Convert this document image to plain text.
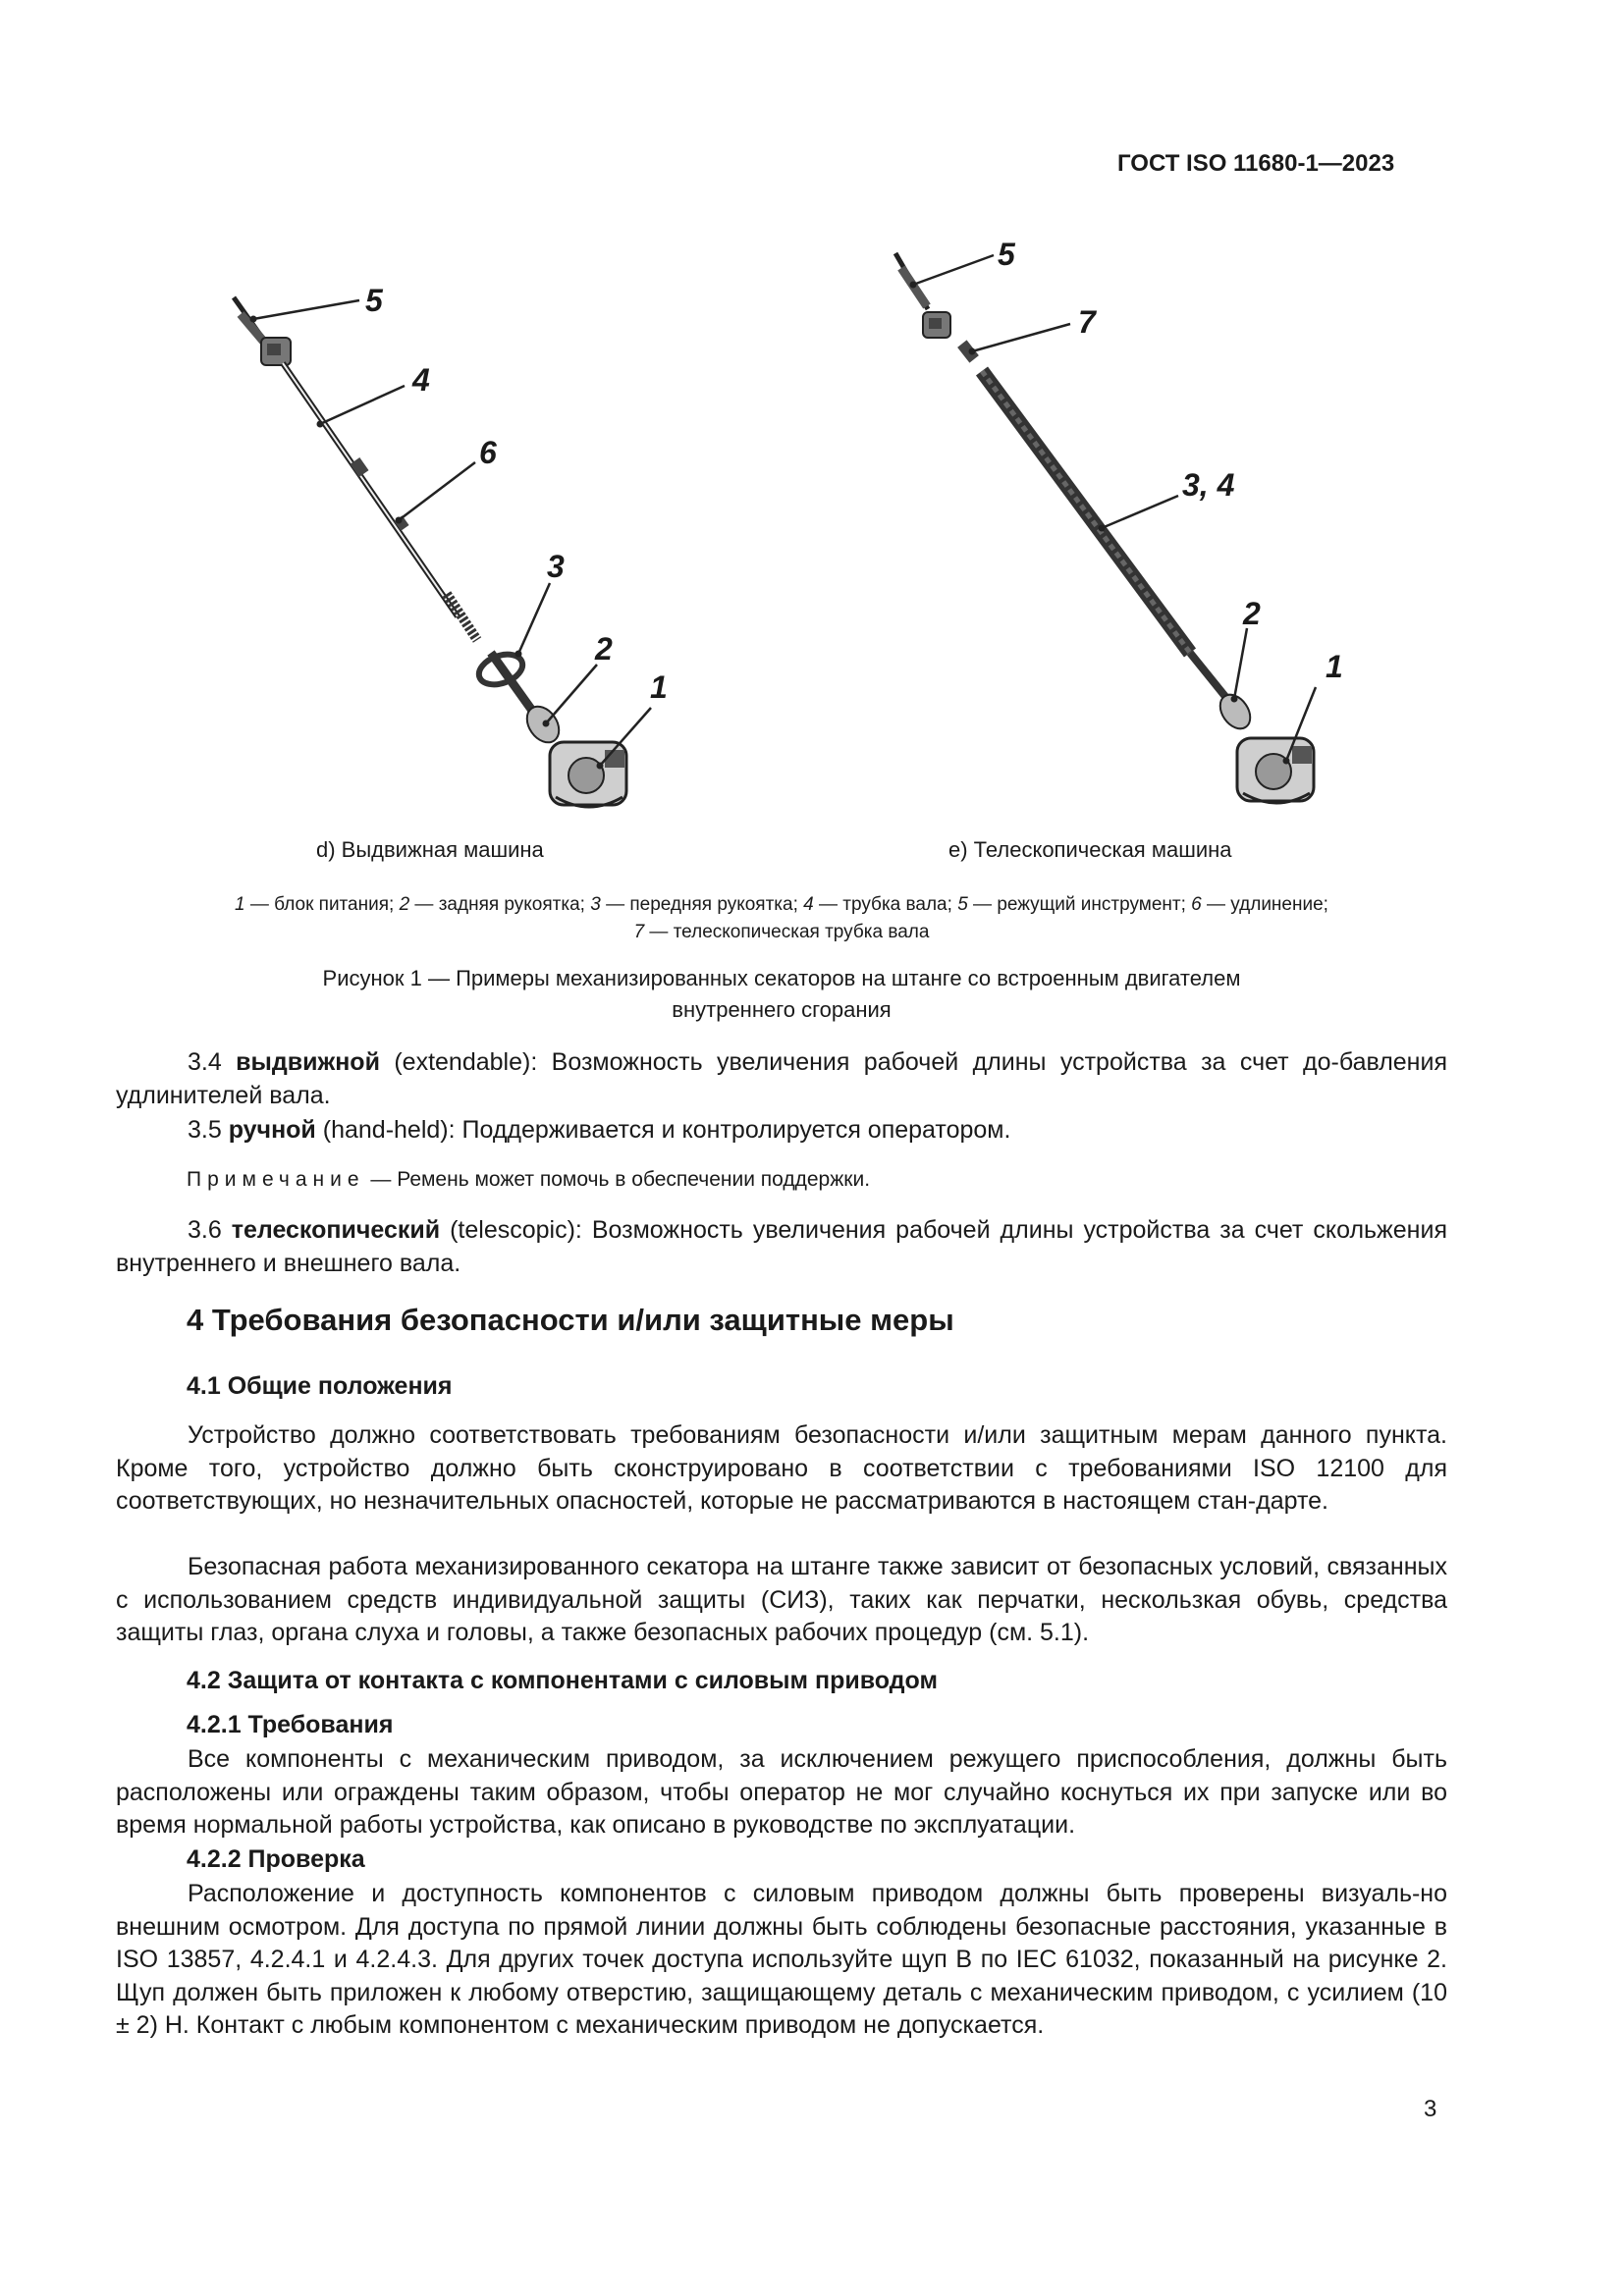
ГОСТ ISO 11680-1—2023
5
4
6
3
2
1
5
7
3, 4
2
1
d) Выдвижная машина	e) Телескопическая машина
1 — блок питания; 2 — задняя рукоятка; 3 — передняя рукоятка; 4 — трубка вала; 5 — режущий инструмент; 6 — удлинение;
7 — телескопическая трубка вала
Рисунок 1 — Примеры механизированных секаторов на штанге со встроенным двигателем
внутреннего сгорания
3.4 выдвижной (extendable): Возможность увеличения рабочей длины устройства за счет до-бавления удлинителей вала.
3.5 ручной (hand-held): Поддерживается и контролируется оператором.
Примечание — Ремень может помочь в обеспечении поддержки.
3.6 телескопический (telescopic): Возможность увеличения рабочей длины устройства за счет скольжения внутреннего и внешнего вала.
4 Требования безопасности и/или защитные меры
4.1 Общие положения
Устройство должно соответствовать требованиям безопасности и/или защитным мерам данного пункта. Кроме того, устройство должно быть сконструировано в соответствии с требованиями ISO 12100 для соответствующих, но незначительных опасностей, которые не рассматриваются в настоящем стан-дарте.
Безопасная работа механизированного секатора на штанге также зависит от безопасных условий, связанных с использованием средств индивидуальной защиты (СИЗ), таких как перчатки, нескользкая обувь, средства защиты глаз, органа слуха и головы, а также безопасных рабочих процедур (см. 5.1).
4.2 Защита от контакта с компонентами с силовым приводом
4.2.1 Требования
Все компоненты с механическим приводом, за исключением режущего приспособления, должны быть расположены или ограждены таким образом, чтобы оператор не мог случайно коснуться их при запуске или во время нормальной работы устройства, как описано в руководстве по эксплуатации.
4.2.2 Проверка
Расположение и доступность компонентов с силовым приводом должны быть проверены визуаль-но внешним осмотром. Для доступа по прямой линии должны быть соблюдены безопасные расстояния, указанные в ISO 13857, 4.2.4.1 и 4.2.4.3. Для других точек доступа используйте щуп В по IEC 61032, показанный на рисунке 2. Щуп должен быть приложен к любому отверстию, защищающему деталь с механическим приводом, с усилием (10 ± 2) Н. Контакт с любым компонентом с механическим приводом не допускается.
3
